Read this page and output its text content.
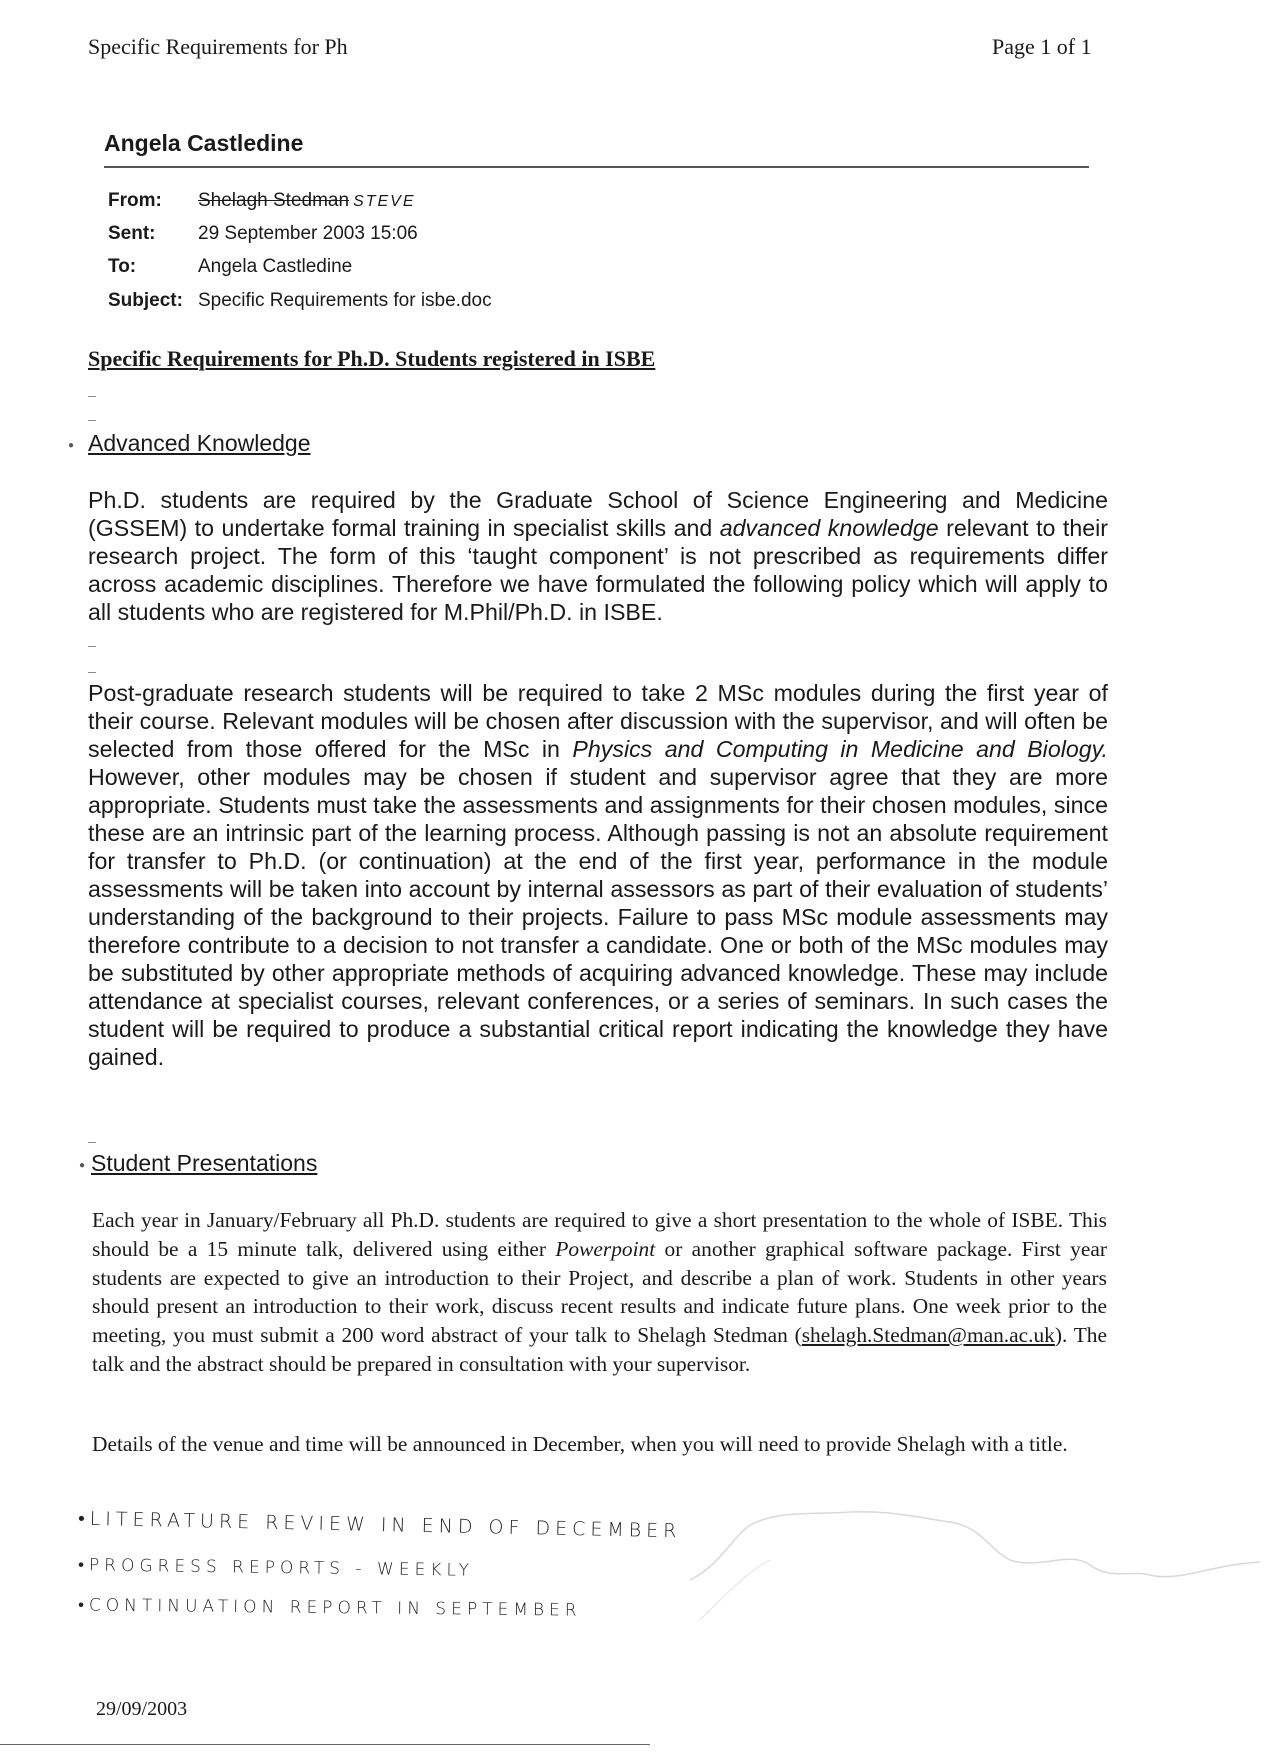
Specific Requirements for Ph	Page 1 of 1
Angela Castledine
From: Shelagh Stedman STEVE
Sent: 29 September 2003 15:06
To:	Angela Castledine
Subject: Specific Requirements for isbe.doc
Specific Requirements for Ph.D. Students registered in ISBE
● Advanced Knowledge

Ph.D. students are required by the Graduate School of Science Engineering and Medicine (GSSEM) to undertake formal training in specialist skills and advanced knowledge relevant to their research project. The form of this ‘taught component’ is not prescribed as requirements differ across academic disciplines. Therefore we have formulated the following policy which will apply to all students who are registered for M.Phil/Ph.D. in ISBE.

Post-graduate research students will be required to take 2 MSc modules during the first year of their course. Relevant modules will be chosen after discussion with the supervisor, and will often be selected from those offered for the MSc in Physics and Computing in Medicine and Biology. However, other modules may be chosen if student and supervisor agree that they are more appropriate. Students must take the assessments and assignments for their chosen modules, since these are an intrinsic part of the learning process. Although passing is not an absolute requirement for transfer to Ph.D. (or continuation) at the end of the first year, performance in the module assessments will be taken into account by internal assessors as part of their evaluation of students’ understanding of the background to their projects. Failure to pass MSc module assessments may therefore contribute to a decision to not transfer a candidate. One or both of the MSc modules may be substituted by other appropriate methods of acquiring advanced knowledge. These may include attendance at specialist courses, relevant conferences, or a series of seminars. In such cases the student will be required to produce a substantial critical report indicating the knowledge they have gained.

● Student Presentations

Each year in January/February all Ph.D. students are required to give a short presentation to the whole of ISBE. This should be a 15 minute talk, delivered using either Powerpoint or another graphical software package. First year students are expected to give an introduction to their Project, and describe a plan of work. Students in other years should present an introduction to their work, discuss recent results and indicate future plans. One week prior to the meeting, you must submit a 200 word abstract of your talk to Shelagh Stedman (shelagh.Stedman@man.ac.uk). The talk and the abstract should be prepared in consultation with your supervisor.

Details of the venue and time will be announced in December, when you will need to provide Shelagh with a title.

•LITERATURE REVIEW IN END OF DECEMBER
•PROGRESS REPORTS - WEEKLY
•CONTINUATION REPORT IN SEPTEMBER
29/09/2003
